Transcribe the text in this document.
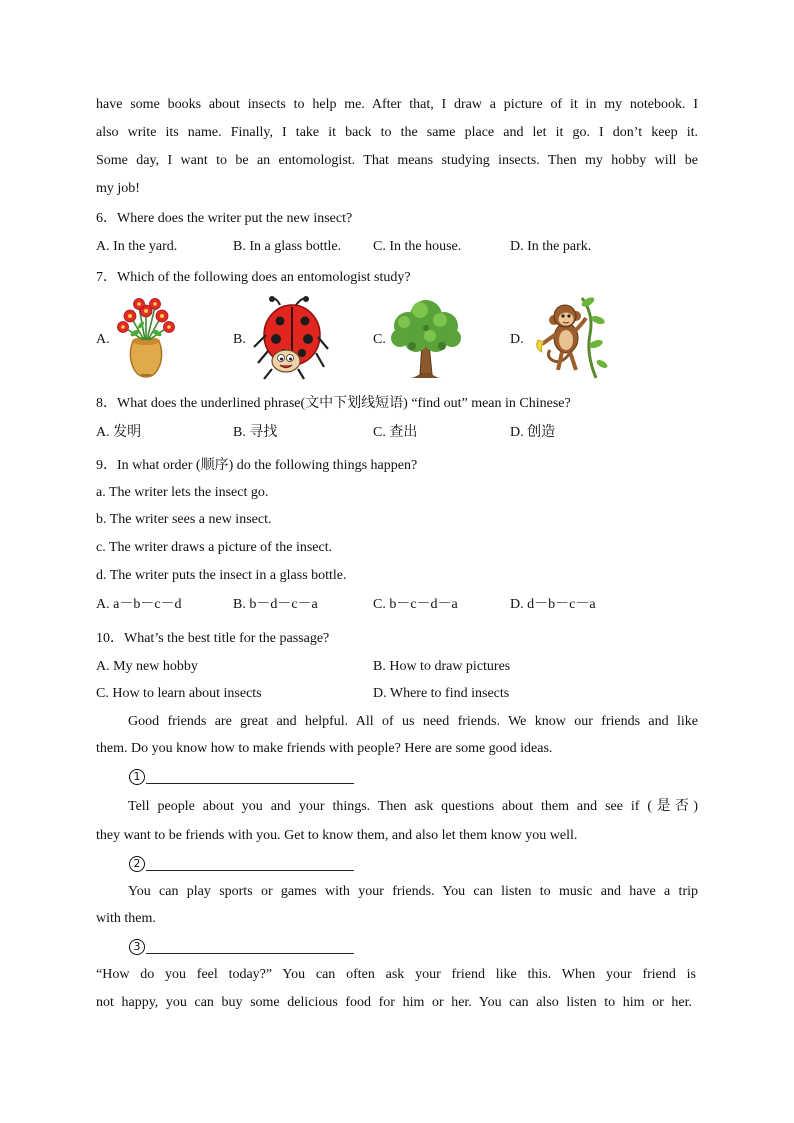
have some books about insects to help me. After that, I draw a picture of it in my notebook. I
also write its name. Finally, I take it back to the same place and let it go. I don’t keep it.
Some day, I want to be an entomologist. That means studying insects. Then my hobby will be
my job!
6．Where does the writer put the new insect?
A. In the yard.	B. In a glass bottle. C. In the house.	D. In the park.
7．Which of the following does an entomologist study?
A.	B.	C.	D.
8．What does the underlined phrase(文中下划线短语) “find out” mean in Chinese?
A. 发明	B. 寻找	C. 查出	D. 创造
9．In what order (顺序) do the following things happen?
a. The writer lets the insect go.
b. The writer sees a new insect.
c. The writer draws a picture of the insect.
d. The writer puts the insect in a glass bottle.
A. a－b－c－d	B. b－d－c－a	C. b－c－d－a	D. d－b－c－a
10．What’s the best title for the passage?
A. My new hobby	B. How to draw pictures
C. How to learn about insects	D. Where to find insects
Good friends are great and helpful. All of us need friends. We know our friends and like
them. Do you know how to make friends with people? Here are some good ideas.
1
Tell people about you and your things. Then ask questions about them and see if (是否)
they want to be friends with you. Get to know them, and also let them know you well.
2
You can play sports or games with your friends. You can listen to music and have a trip
with them.
3
“How do you feel today?” You can often ask your friend like this. When your friend is
not happy, you can buy some delicious food for him or her. You can also listen to him or her.
